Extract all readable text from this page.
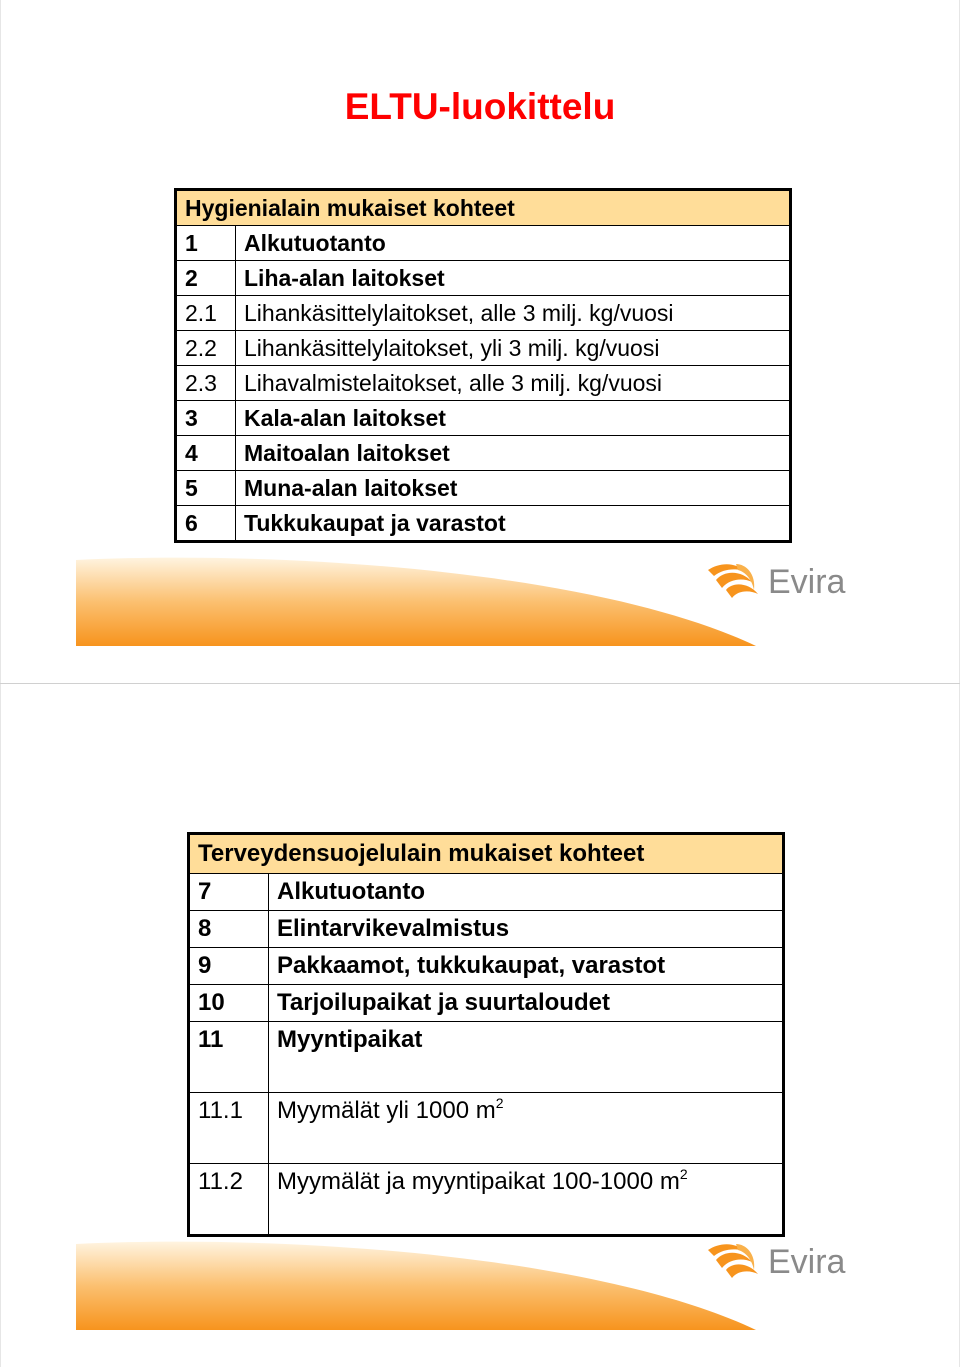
ELTU-luokittelu
Hygienialain mukaiset kohteet	
1	Alkutuotanto
2	Liha-alan laitokset
2.1	Lihankäsittelylaitokset, alle 3 milj. kg/vuosi
2.2	Lihankäsittelylaitokset, yli 3 milj. kg/vuosi
2.3	Lihavalmistelaitokset, alle 3 milj. kg/vuosi
3	Kala-alan laitokset
4	Maitoalan laitokset
5	Muna-alan laitokset
6	Tukkukaupat ja varastot
Evira
Terveydensuojelulain mukaiset kohteet	
7	Alkutuotanto
8	Elintarvikevalmistus
9	Pakkaamot, tukkukaupat, varastot
10	Tarjoilupaikat ja suurtaloudet
11	Myyntipaikat
11.1	Myymälät yli 1000 $m^2$
11.2	Myymälät ja myyntipaikat 100-1000 $m^2$
Evira
